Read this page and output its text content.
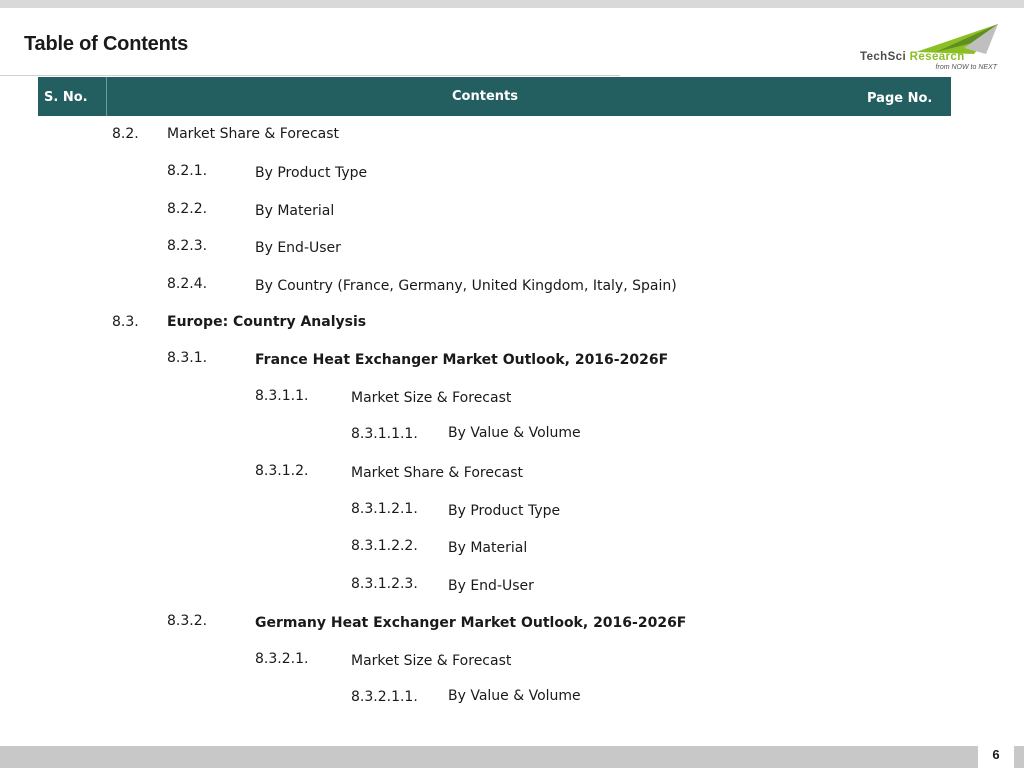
Table of Contents
TechSci Research
from NOW to NEXT
S. No.	Contents	Page No.
8.2. Market Share & Forecast
8.2.1.	By Product Type
8.2.2.	By Material
8.2.3.	By End-User
8.2.4.	By Country (France, Germany, United Kingdom, Italy, Spain)
8.3. Europe: Country Analysis
8.3.1.	France Heat Exchanger Market Outlook, 2016-2026F
8.3.1.1.	Market Size & Forecast
8.3.1.1.1. By Value & Volume
8.3.1.2.	Market Share & Forecast
8.3.1.2.1. By Product Type
8.3.1.2.2. By Material
8.3.1.2.3. By End-User
8.3.2.	Germany Heat Exchanger Market Outlook, 2016-2026F
8.3.2.1.	Market Size & Forecast
8.3.2.1.1. By Value & Volume
6
